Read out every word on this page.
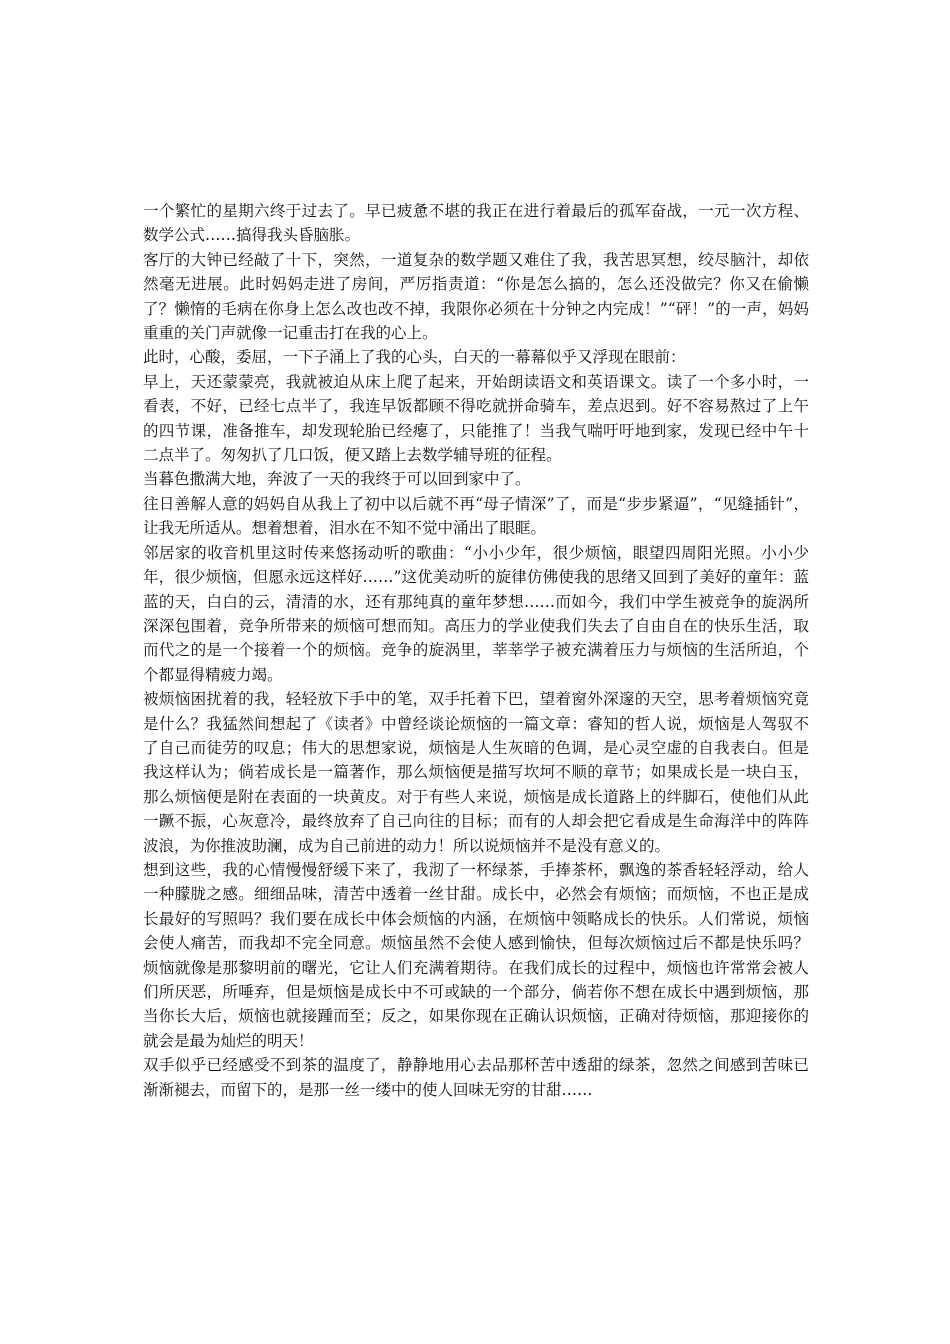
一个繁忙的星期六终于过去了。早已疲惫不堪的我正在进行着最后的孤军奋战，一元一次方程、数学公式……搞得我头昏脑胀。

客厅的大钟已经敲了十下，突然，一道复杂的数学题又难住了我，我苦思冥想，绞尽脑汁，却依然毫无进展。此时妈妈走进了房间，严厉指责道：“你是怎么搞的，怎么还没做完？你又在偷懒了？懒惰的毛病在你身上怎么改也改不掉，我限你必须在十分钟之内完成！”“砰！”的一声，妈妈重重的关门声就像一记重击打在我的心上。

此时，心酸，委屈，一下子涌上了我的心头，白天的一幕幕似乎又浮现在眼前：

早上，天还蒙蒙亮，我就被迫从床上爬了起来，开始朗读语文和英语课文。读了一个多小时，一看表，不好，已经七点半了，我连早饭都顾不得吃就拼命骑车，差点迟到。好不容易熬过了上午的四节课，准备推车，却发现轮胎已经瘪了，只能推了！当我气喘吁吁地到家，发现已经中午十二点半了。匆匆扒了几口饭，便又踏上去数学辅导班的征程。

当暮色撒满大地，奔波了一天的我终于可以回到家中了。

往日善解人意的妈妈自从我上了初中以后就不再“母子情深”了，而是“步步紧逼”，“见缝插针”，让我无所适从。想着想着，泪水在不知不觉中涌出了眼眶。

邻居家的收音机里这时传来悠扬动听的歌曲：“小小少年，很少烦恼，眼望四周阳光照。小小少年，很少烦恼，但愿永远这样好……”这优美动听的旋律仿佛使我的思绪又回到了美好的童年：蓝蓝的天，白白的云，清清的水，还有那纯真的童年梦想……而如今，我们中学生被竞争的旋涡所深深包围着，竞争所带来的烦恼可想而知。高压力的学业使我们失去了自由自在的快乐生活，取而代之的是一个接着一个的烦恼。竞争的旋涡里，莘莘学子被充满着压力与烦恼的生活所迫，个个都显得精疲力竭。

被烦恼困扰着的我，轻轻放下手中的笔，双手托着下巴，望着窗外深邃的天空，思考着烦恼究竟是什么？我猛然间想起了《读者》中曾经谈论烦恼的一篇文章：睿知的哲人说，烦恼是人驾驭不了自己而徒劳的叹息；伟大的思想家说，烦恼是人生灰暗的色调，是心灵空虚的自我表白。但是我这样认为；倘若成长是一篇著作，那么烦恼便是描写坎坷不顺的章节；如果成长是一块白玉，那么烦恼便是附在表面的一块黄皮。对于有些人来说，烦恼是成长道路上的绊脚石，使他们从此一蹶不振，心灰意冷，最终放弃了自己向往的目标；而有的人却会把它看成是生命海洋中的阵阵波浪，为你推波助澜，成为自己前进的动力！所以说烦恼并不是没有意义的。

想到这些，我的心情慢慢舒缓下来了，我沏了一杯绿茶，手捧茶杯，飘逸的茶香轻轻浮动，给人一种朦胧之感。细细品味，清苦中透着一丝甘甜。成长中，必然会有烦恼；而烦恼，不也正是成长最好的写照吗？我们要在成长中体会烦恼的内涵，在烦恼中领略成长的快乐。人们常说，烦恼会使人痛苦，而我却不完全同意。烦恼虽然不会使人感到愉快，但每次烦恼过后不都是快乐吗？烦恼就像是那黎明前的曙光，它让人们充满着期待。在我们成长的过程中，烦恼也许常常会被人们所厌恶，所唾弃，但是烦恼是成长中不可或缺的一个部分，倘若你不想在成长中遇到烦恼，那当你长大后，烦恼也就接踵而至；反之，如果你现在正确认识烦恼，正确对待烦恼，那迎接你的就会是最为灿烂的明天！

双手似乎已经感受不到茶的温度了，静静地用心去品那杯苦中透甜的绿茶，忽然之间感到苦味已渐渐褪去，而留下的，是那一丝一缕中的使人回味无穷的甘甜……
